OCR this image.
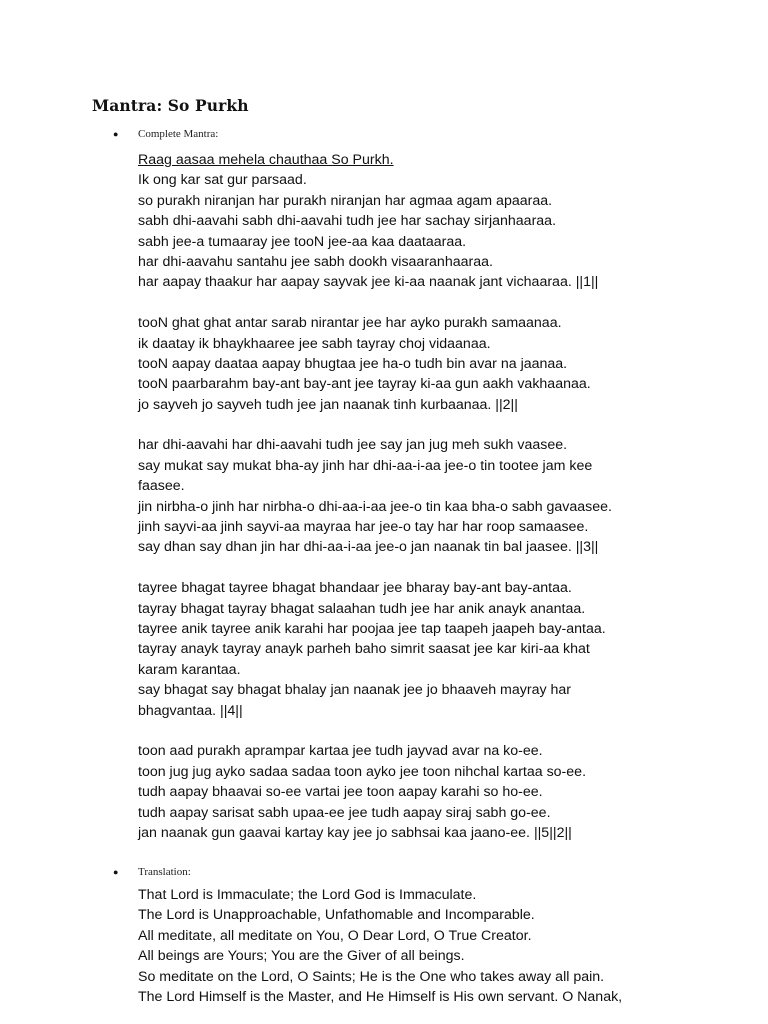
Mantra: So Purkh
● Complete Mantra:
Raag aasaa mehela chauthaa So Purkh.
Ik ong kar sat gur parsaad.
so purakh niranjan har purakh niranjan har agmaa agam apaaraa.
sabh dhi-aavahi sabh dhi-aavahi tudh jee har sachay sirjanhaaraa.
sabh jee-a tumaaray jee tooN jee-aa kaa daataaraa.
har dhi-aavahu santahu jee sabh dookh visaaranhaaraa.
har aapay thaakur har aapay sayvak jee ki-aa naanak jant vichaaraa. ||1||
tooN ghat ghat antar sarab nirantar jee har ayko purakh samaanaa.
ik daatay ik bhaykhaaree jee sabh tayray choj vidaanaa.
tooN aapay daataa aapay bhugtaa jee ha-o tudh bin avar na jaanaa.
tooN paarbarahm bay-ant bay-ant jee tayray ki-aa gun aakh vakhaanaa.
jo sayveh jo sayveh tudh jee jan naanak tinh kurbaanaa. ||2||
har dhi-aavahi har dhi-aavahi tudh jee say jan jug meh sukh vaasee.
say mukat say mukat bha-ay jinh har dhi-aa-i-aa jee-o tin tootee jam kee
faasee.
jin nirbha-o jinh har nirbha-o dhi-aa-i-aa jee-o tin kaa bha-o sabh gavaasee.
jinh sayvi-aa jinh sayvi-aa mayraa har jee-o tay har har roop samaasee.
say dhan say dhan jin har dhi-aa-i-aa jee-o jan naanak tin bal jaasee. ||3||
tayree bhagat tayree bhagat bhandaar jee bharay bay-ant bay-antaa.
tayray bhagat tayray bhagat salaahan tudh jee har anik anayk anantaa.
tayree anik tayree anik karahi har poojaa jee tap taapeh jaapeh bay-antaa.
tayray anayk tayray anayk parheh baho simrit saasat jee kar kiri-aa khat
karam karantaa.
say bhagat say bhagat bhalay jan naanak jee jo bhaaveh mayray har
bhagvantaa. ||4||
toon aad purakh aprampar kartaa jee tudh jayvad avar na ko-ee.
toon jug jug ayko sadaa sadaa toon ayko jee toon nihchal kartaa so-ee.
tudh aapay bhaavai so-ee vartai jee toon aapay karahi so ho-ee.
tudh aapay sarisat sabh upaa-ee jee tudh aapay siraj sabh go-ee.
jan naanak gun gaavai kartay kay jee jo sabhsai kaa jaano-ee. ||5||2||
● Translation:
That Lord is Immaculate; the Lord God is Immaculate.
The Lord is Unapproachable, Unfathomable and Incomparable.
All meditate, all meditate on You, O Dear Lord, O True Creator.
All beings are Yours; You are the Giver of all beings.
So meditate on the Lord, O Saints; He is the One who takes away all pain.
The Lord Himself is the Master, and He Himself is His own servant. O Nanak,
